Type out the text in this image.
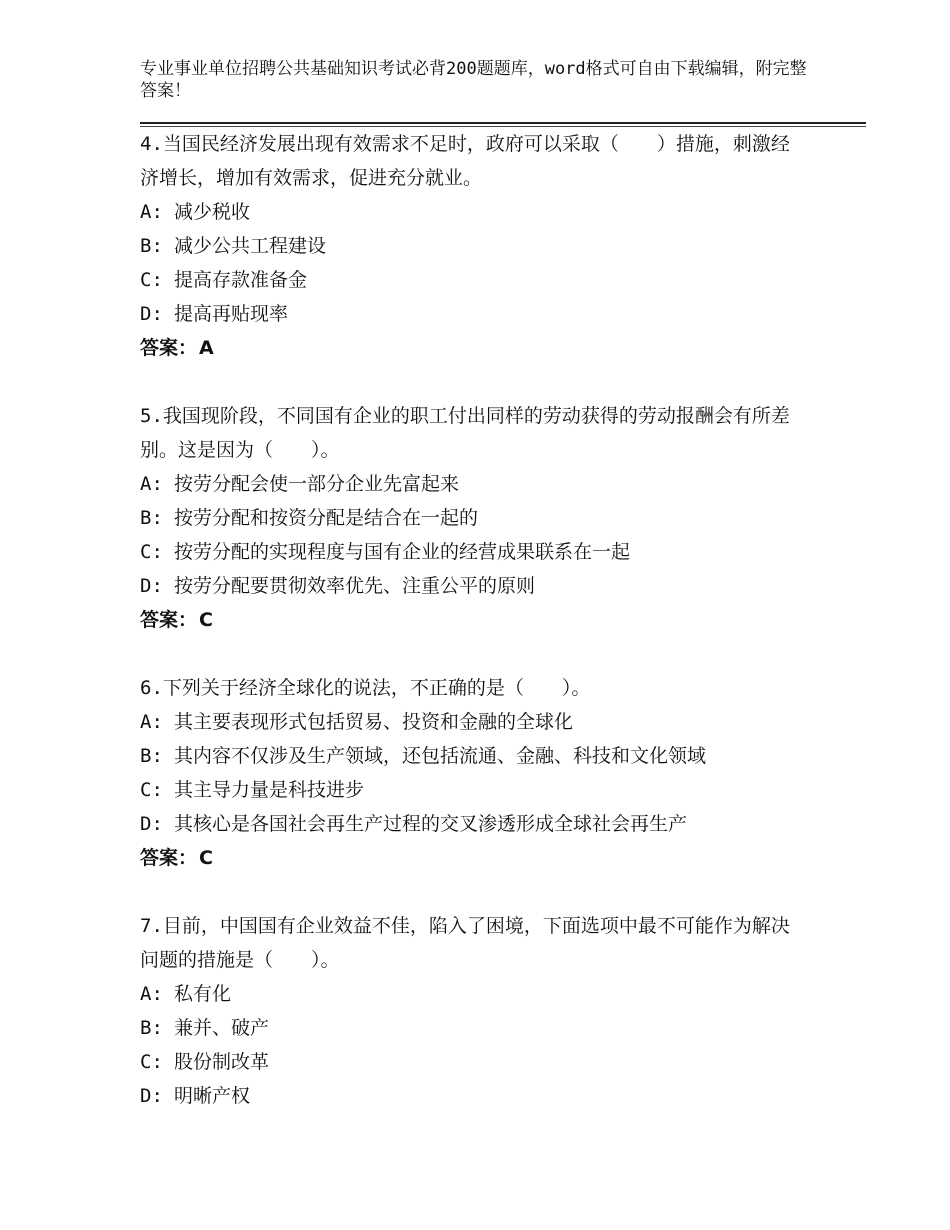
专业事业单位招聘公共基础知识考试必背200题题库，word格式可自由下载编辑，附完整答案！
4.当国民经济发展出现有效需求不足时，政府可以采取（　　）措施，刺激经济增长，增加有效需求，促进充分就业。
A: 减少税收
B: 减少公共工程建设
C: 提高存款准备金
D: 提高再贴现率
答案： A
5.我国现阶段，不同国有企业的职工付出同样的劳动获得的劳动报酬会有所差别。这是因为（　　）。
A: 按劳分配会使一部分企业先富起来
B: 按劳分配和按资分配是结合在一起的
C: 按劳分配的实现程度与国有企业的经营成果联系在一起
D: 按劳分配要贯彻效率优先、注重公平的原则
答案： C
6.下列关于经济全球化的说法，不正确的是（　　）。
A: 其主要表现形式包括贸易、投资和金融的全球化
B: 其内容不仅涉及生产领域，还包括流通、金融、科技和文化领域
C: 其主导力量是科技进步
D: 其核心是各国社会再生产过程的交叉渗透形成全球社会再生产
答案： C
7.目前，中国国有企业效益不佳，陷入了困境，下面选项中最不可能作为解决问题的措施是（　　）。
A: 私有化
B: 兼并、破产
C: 股份制改革
D: 明晰产权
